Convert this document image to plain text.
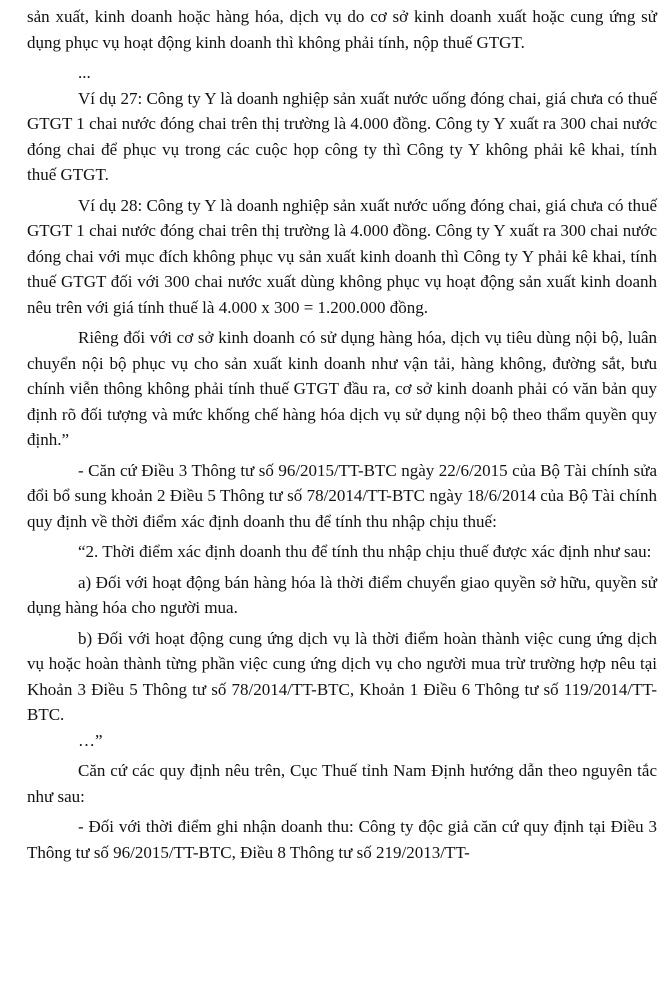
sản xuất, kinh doanh hoặc hàng hóa, dịch vụ do cơ sở kinh doanh xuất hoặc cung ứng sử dụng phục vụ hoạt động kinh doanh thì không phải tính, nộp thuế GTGT.

...

Ví dụ 27: Công ty Y là doanh nghiệp sản xuất nước uống đóng chai, giá chưa có thuế GTGT 1 chai nước đóng chai trên thị trường là 4.000 đồng. Công ty Y xuất ra 300 chai nước đóng chai để phục vụ trong các cuộc họp công ty thì Công ty Y không phải kê khai, tính thuế GTGT.

Ví dụ 28: Công ty Y là doanh nghiệp sản xuất nước uống đóng chai, giá chưa có thuế GTGT 1 chai nước đóng chai trên thị trường là 4.000 đồng. Công ty Y xuất ra 300 chai nước đóng chai với mục đích không phục vụ sản xuất kinh doanh thì Công ty Y phải kê khai, tính thuế GTGT đối với 300 chai nước xuất dùng không phục vụ hoạt động sản xuất kinh doanh nêu trên với giá tính thuế là 4.000 x 300 = 1.200.000 đồng.

Riêng đối với cơ sở kinh doanh có sử dụng hàng hóa, dịch vụ tiêu dùng nội bộ, luân chuyển nội bộ phục vụ cho sản xuất kinh doanh như vận tải, hàng không, đường sắt, bưu chính viễn thông không phải tính thuế GTGT đầu ra, cơ sở kinh doanh phải có văn bản quy định rõ đối tượng và mức khống chế hàng hóa dịch vụ sử dụng nội bộ theo thẩm quyền quy định.”

- Căn cứ Điều 3 Thông tư số 96/2015/TT-BTC ngày 22/6/2015 của Bộ Tài chính sửa đổi bổ sung khoản 2 Điều 5 Thông tư số 78/2014/TT-BTC ngày 18/6/2014 của Bộ Tài chính quy định về thời điểm xác định doanh thu để tính thu nhập chịu thuế:

“2. Thời điểm xác định doanh thu để tính thu nhập chịu thuế được xác định như sau:

a) Đối với hoạt động bán hàng hóa là thời điểm chuyển giao quyền sở hữu, quyền sử dụng hàng hóa cho người mua.

b) Đối với hoạt động cung ứng dịch vụ là thời điểm hoàn thành việc cung ứng dịch vụ hoặc hoàn thành từng phần việc cung ứng dịch vụ cho người mua trừ trường hợp nêu tại Khoản 3 Điều 5 Thông tư số 78/2014/TT-BTC, Khoản 1 Điều 6 Thông tư số 119/2014/TT-BTC.

…”

Căn cứ các quy định nêu trên, Cục Thuế tỉnh Nam Định hướng dẫn theo nguyên tắc như sau:

- Đối với thời điểm ghi nhận doanh thu: Công ty độc giả căn cứ quy định tại Điều 3 Thông tư số 96/2015/TT-BTC, Điều 8 Thông tư số 219/2013/TT-
